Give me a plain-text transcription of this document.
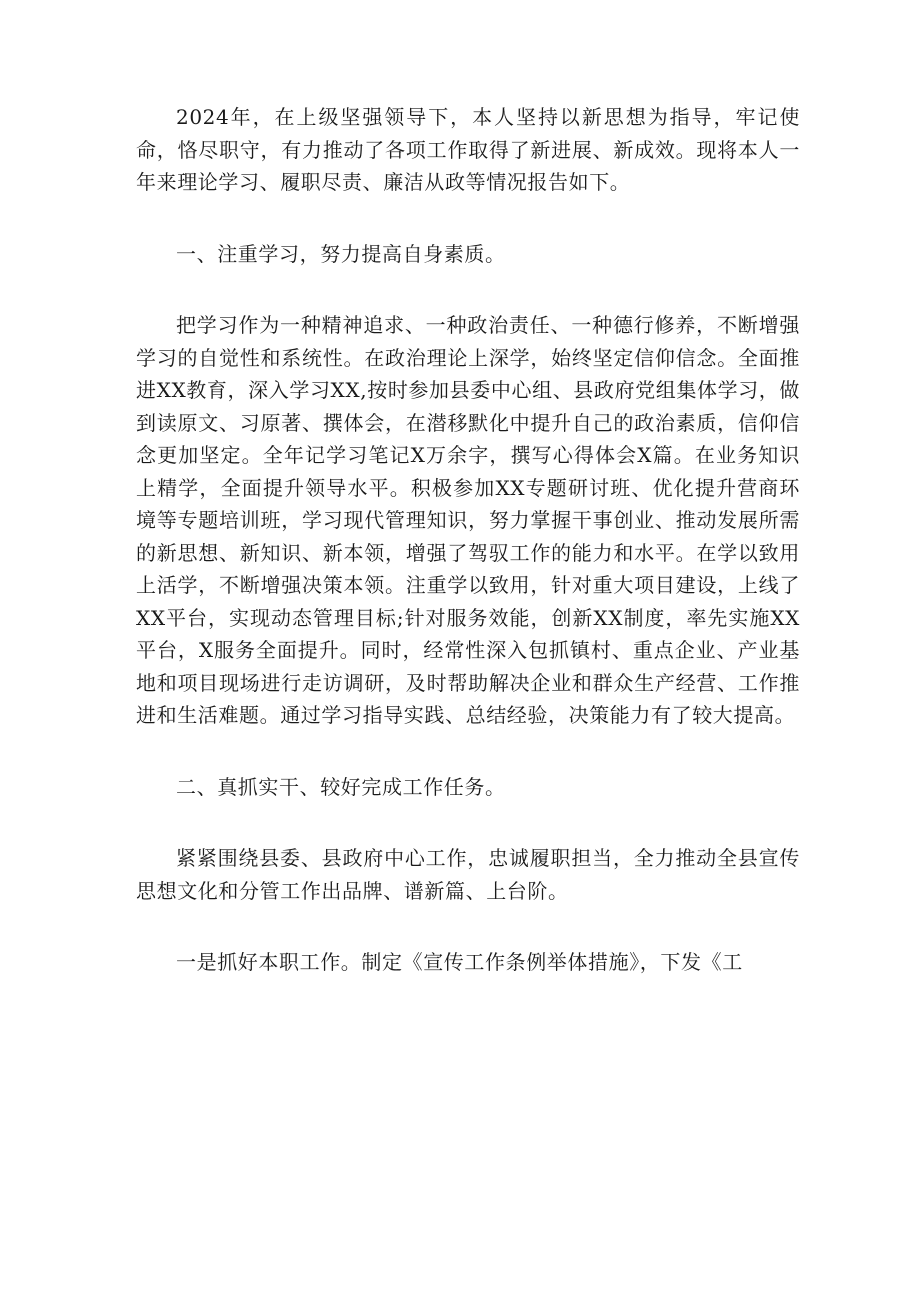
2024年，在上级坚强领导下，本人坚持以新思想为指导，牢记使命，恪尽职守，有力推动了各项工作取得了新进展、新成效。现将本人一年来理论学习、履职尽责、廉洁从政等情况报告如下。

一、注重学习，努力提高自身素质。

把学习作为一种精神追求、一种政治责任、一种德行修养，不断增强学习的自觉性和系统性。在政治理论上深学，始终坚定信仰信念。全面推进XX教育，深入学习XX,按时参加县委中心组、县政府党组集体学习，做到读原文、习原著、撰体会，在潜移默化中提升自己的政治素质，信仰信念更加坚定。全年记学习笔记X万余字，撰写心得体会X篇。在业务知识上精学，全面提升领导水平。积极参加XX专题研讨班、优化提升营商环境等专题培训班，学习现代管理知识，努力掌握干事创业、推动发展所需的新思想、新知识、新本领，增强了驾驭工作的能力和水平。在学以致用上活学，不断增强决策本领。注重学以致用，针对重大项目建设，上线了XX平台，实现动态管理目标;针对服务效能，创新XX制度，率先实施XX平台，X服务全面提升。同时，经常性深入包抓镇村、重点企业、产业基地和项目现场进行走访调研，及时帮助解决企业和群众生产经营、工作推进和生活难题。通过学习指导实践、总结经验，决策能力有了较大提高。

二、真抓实干、较好完成工作任务。

紧紧围绕县委、县政府中心工作，忠诚履职担当，全力推动全县宣传思想文化和分管工作出品牌、谱新篇、上台阶。

一是抓好本职工作。制定《宣传工作条例举体措施》，下发《工
